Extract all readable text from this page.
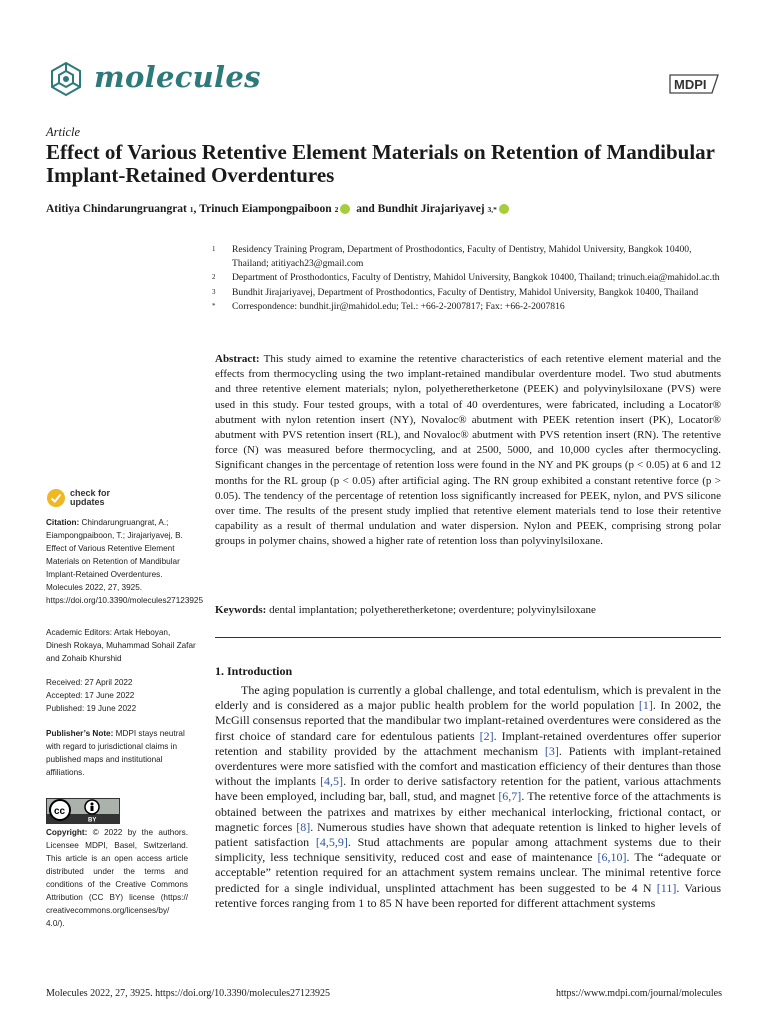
molecules	MDPI
Article
Effect of Various Retentive Element Materials on Retention of Mandibular Implant-Retained Overdentures
Atitiya Chindarungruangrat
1 , Trinuch Eiampongpaiboon
2 and Bundhit Jirajariyavej
3,*
1	Residency Training Program, Department of Prosthodontics, Faculty of Dentistry, Mahidol University, Bangkok 10400, Thailand; atitiyach23@gmail.com
2	Department of Prosthodontics, Faculty of Dentistry, Mahidol University, Bangkok 10400, Thailand; trinuch.eia@mahidol.ac.th
3	Bundhit Jirajariyavej, Department of Prosthodontics, Faculty of Dentistry, Mahidol University, Bangkok 10400, Thailand
*	Correspondence: bundhit.jir@mahidol.edu; Tel.: +66-2-2007817; Fax: +66-2-2007816
Abstract: This study aimed to examine the retentive characteristics of each retentive element material and the effects from thermocycling using the two implant-retained mandibular overdenture model. Two stud abutments and three retentive element materials; nylon, polyetheretherketone (PEEK) and polyvinylsiloxane (PVS) were used in this study. Four tested groups, with a total of 40 overdentures, were fabricated, including a Locator® abutment with nylon retention insert (NY), Novaloc® abutment with PEEK retention insert (PK), Locator® abutment with PVS retention insert (RL), and Novaloc® abutment with PVS retention insert (RN). The retentive force (N) was measured before thermocycling, and at 2500, 5000, and 10,000 cycles after thermocycling. Significant changes in the percentage of retention loss were found in the NY and PK groups (p < 0.05) at 6 and 12 months for the RL group (p < 0.05) after artificial aging. The RN group exhibited a constant retentive force (p > 0.05). The tendency of the percentage of retention loss significantly increased for PEEK, nylon, and PVS silicone over time. The results of the present study implied that retentive element materials tend to lose their retentive capability as a result of thermal undulation and water dispersion. Nylon and PEEK, comprising strong polar groups in polymer chains, showed a higher rate of retention loss than polyvinylsiloxane.
Keywords: dental implantation; polyetheretherketone; overdenture; polyvinylsiloxane
1. Introduction
The aging population is currently a global challenge, and total edentulism, which is prevalent in the elderly and is considered as a major public health problem for the world population [1]. In 2002, the McGill consensus reported that the mandibular two implant-retained overdentures were considered as the first choice of standard care for edentulous patients [2]. Implant-retained overdentures offer superior retention and stability provided by the attachment mechanism [3]. Patients with implant-retained overdentures were more satisfied with the comfort and mastication efficiency of their dentures than those without the implants [4,5]. In order to derive satisfactory retention for the patient, various attachments have been employed, including bar, ball, stud, and magnet [6,7]. The retentive force of the attachments is obtained between the patrixes and matrixes by either mechanical interlocking, frictional contact, or magnetic forces [8]. Numerous studies have shown that adequate retention is linked to higher levels of patient satisfaction [4,5,9]. Stud attachments are popular among attachment systems due to their simplicity, less technique sensitivity, reduced cost and ease of maintenance [6,10]. The “adequate or acceptable” retention required for an attachment system remains unclear. The minimal retentive force predicted for a single individual, unsplinted attachment has been suggested to be 4 N [11]. Various retentive forces ranging from 1 to 85 N have been reported for different attachment systems
check for
updates
Citation: Chindarungruangrat, A.; Eiampongpaiboon, T.; Jirajariyavej, B. Effect of Various Retentive Element Materials on Retention of Mandibular Implant-Retained Overdentures. Molecules 2022, 27, 3925. https://doi.org/10.3390/molecules27123925
Academic Editors: Artak Heboyan, Dinesh Rokaya, Muhammad Sohail Zafar and Zohaib Khurshid
Received: 27 April 2022
Accepted: 17 June 2022
Published: 19 June 2022
Publisher’s Note: MDPI stays neutral with regard to jurisdictional claims in published maps and institutional affiliations.
cc
BY
Copyright: © 2022 by the authors. Licensee MDPI, Basel, Switzerland. This article is an open access article distributed under the terms and conditions of the Creative Commons Attribution (CC BY) license (https:// creativecommons.org/licenses/by/ 4.0/).
Molecules 2022, 27, 3925. https://doi.org/10.3390/molecules27123925	https://www.mdpi.com/journal/molecules
